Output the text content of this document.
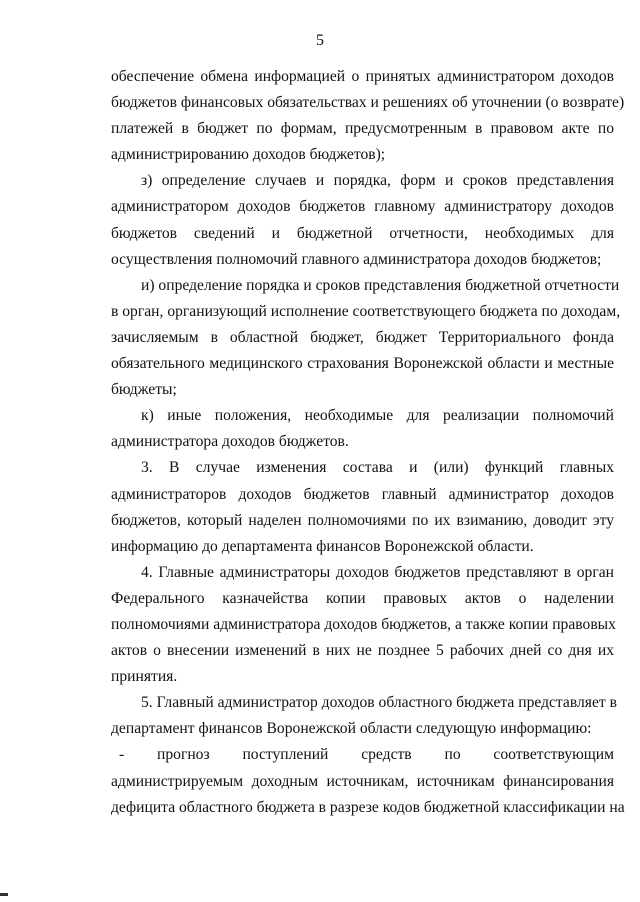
5
обеспечение обмена информацией о принятых администратором доходов
бюджетов финансовых обязательствах и решениях об уточнении (о возврате)
платежей в бюджет по формам, предусмотренным в правовом акте по
администрированию доходов бюджетов);
з) определение случаев и порядка, форм и сроков представления
администратором доходов бюджетов главному администратору доходов
бюджетов сведений и бюджетной отчетности, необходимых для
осуществления полномочий главного администратора доходов бюджетов;
и) определение порядка и сроков представления бюджетной отчетности
в орган, организующий исполнение соответствующего бюджета по доходам,
зачисляемым в областной бюджет, бюджет Территориального фонда
обязательного медицинского страхования Воронежской области и местные
бюджеты;
к) иные положения, необходимые для реализации полномочий
администратора доходов бюджетов.
3. В случае изменения состава и (или) функций главных
администраторов доходов бюджетов главный администратор доходов
бюджетов, который наделен полномочиями по их взиманию, доводит эту
информацию до департамента финансов Воронежской области.
4. Главные администраторы доходов бюджетов представляют в орган
Федерального казначейства копии правовых актов о наделении
полномочиями администратора доходов бюджетов, а также копии правовых
актов о внесении изменений в них не позднее 5 рабочих дней со дня их
принятия.
5. Главный администратор доходов областного бюджета представляет в
департамент финансов Воронежской области следующую информацию:
- прогноз поступлений средств по соответствующим
администрируемым доходным источникам, источникам финансирования
дефицита областного бюджета в разрезе кодов бюджетной классификации на
